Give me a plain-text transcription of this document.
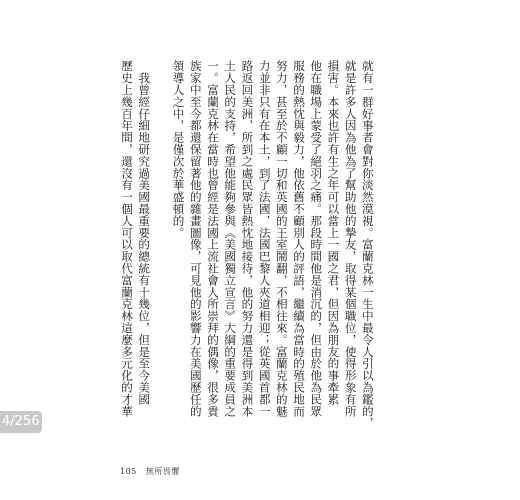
就有一群好事者會對你淡然漠視。富蘭克林一生中最令人引以為鑑的，
就是許多人因為他為了幫助他的摯友，取得某個職位，使得形象有所
損害。本來也許有生之年可以當上一國之君，但因為朋友的事牽累
他在職場上蒙受了絕羽之痛。那段時間他是消沉的，但由於他為民眾
服務的熱忱與毅力，他依舊不顧別人的評語，繼續為當時的殖民地而
努力，甚至於不顧一切和英國的王室鬧翻，不相往來。富蘭克林的魅
力並非只有在本土，到了法國，法國巴黎人夾道相迎；從英國首都一
路返回美洲，所到之處民眾皆熱忱地接待，他的努力還是得到美洲本
土人民的支持，希望他能夠參與《美國獨立宣言》大綱的重要成員之
一。富蘭克林在當時也曾經是法國上流社會人所崇拜的偶像，很多貴
族家中至今都還保留著他的雜畫圖像，可見他的影響力在美國歷任的
領導人之中，是僅次於華盛頓的。
　我曾經仔細地研究過美國最重要的總統有十幾位，但是至今美國
歷史上幾百年間，還沒有一個人可以取代富蘭克林這麼多元化的才華
4/256
105 無所畏懼
